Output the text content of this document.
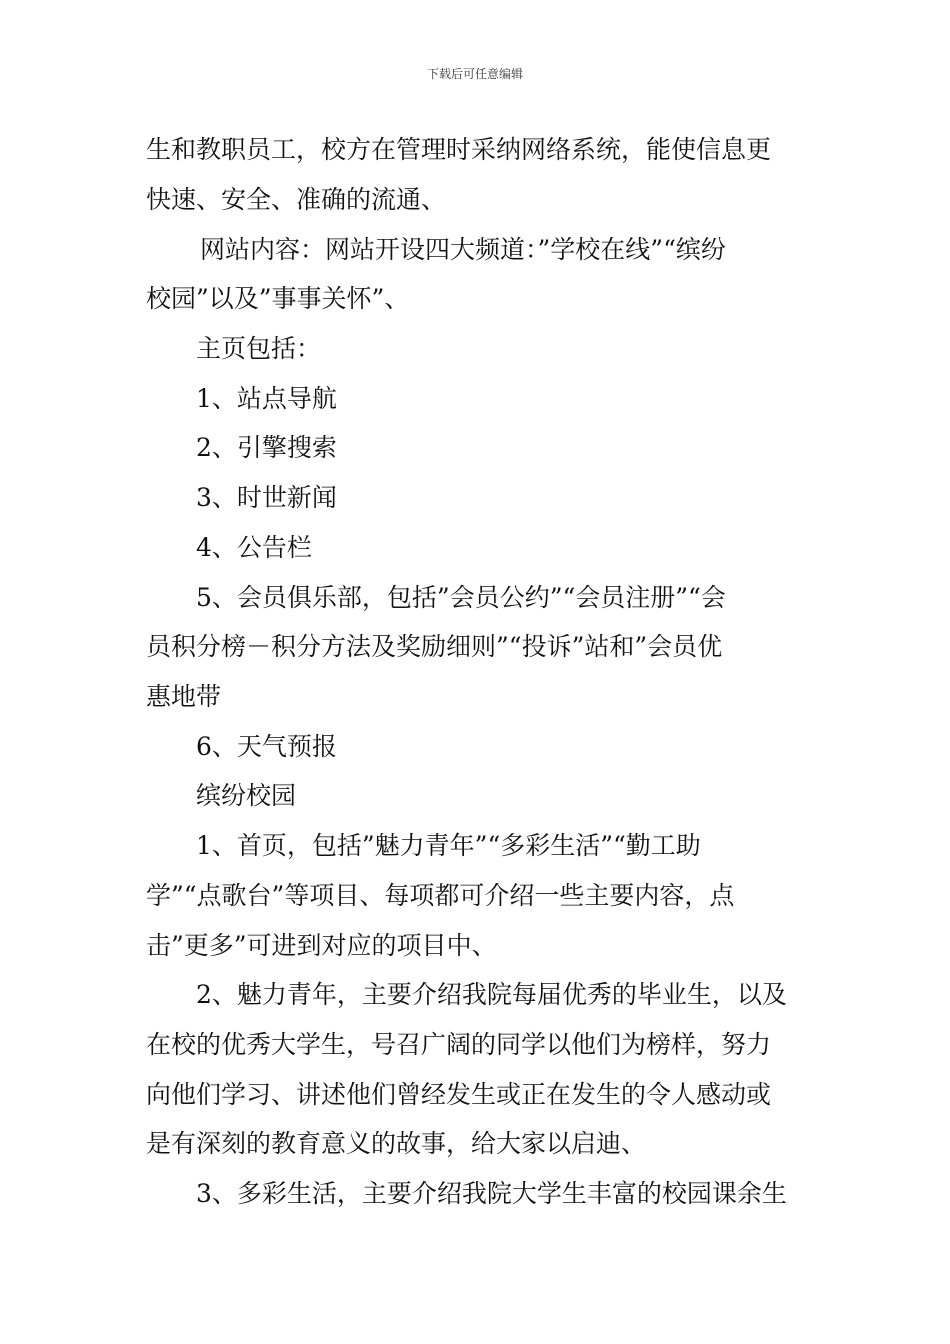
下载后可任意编辑
生和教职员工，校方在管理时采纳网络系统，能使信息更
快速、安全、准确的流通、
网站内容：网站开设四大频道：”学校在线”“缤纷
校园”以及”事事关怀”、
主页包括：
1、站点导航
2、引擎搜索
3、时世新闻
4、公告栏
5、会员俱乐部，包括”会员公约”“会员注册”“会
员积分榜－积分方法及奖励细则”“投诉”站和”会员优
惠地带
6、天气预报
缤纷校园
1、首页，包括”魅力青年”“多彩生活”“勤工助
学”“点歌台”等项目、每项都可介绍一些主要内容，点
击”更多”可进到对应的项目中、
2、魅力青年，主要介绍我院每届优秀的毕业生，以及
在校的优秀大学生，号召广阔的同学以他们为榜样，努力
向他们学习、讲述他们曾经发生或正在发生的令人感动或
是有深刻的教育意义的故事，给大家以启迪、
3、多彩生活，主要介绍我院大学生丰富的校园课余生
